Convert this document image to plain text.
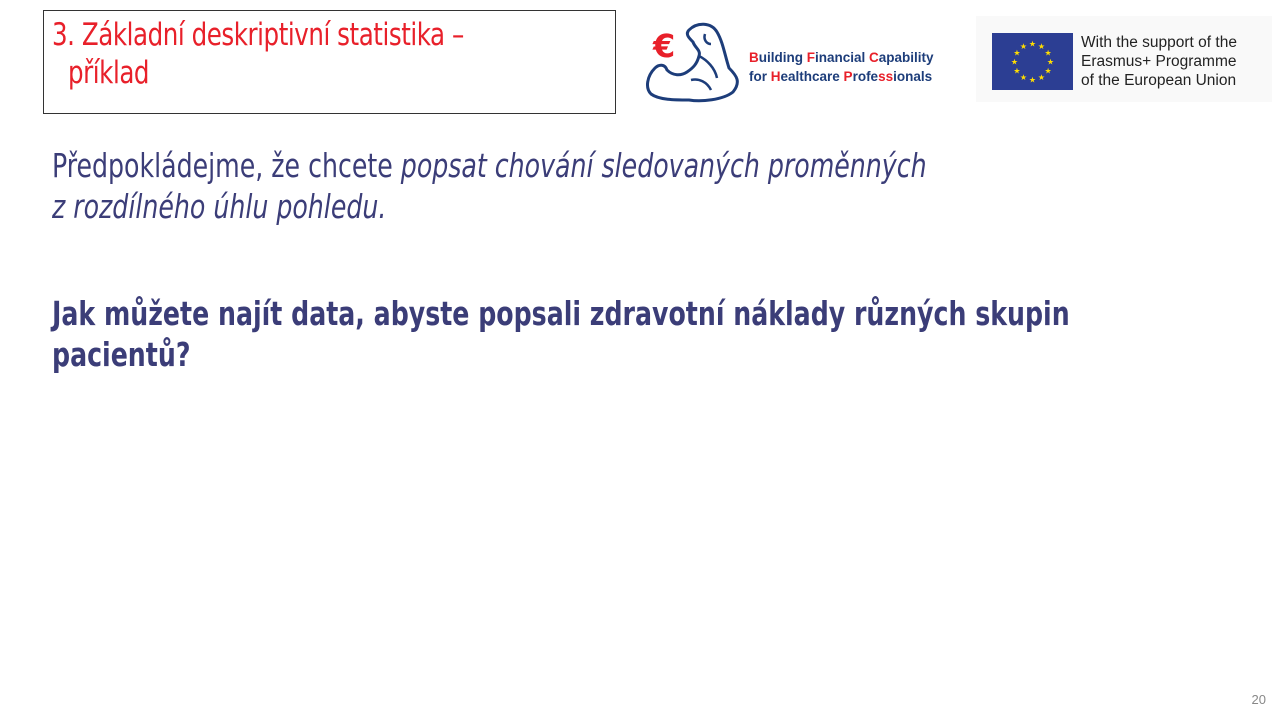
3. Základní deskriptivní statistika –
příklad
€	Building Financial Capability
for Healthcare Professionals
★ ★
★
★
★
★
★
★
★
★
★
★	With the support of the
Erasmus+ Programme
of the European Union
Předpokládejme, že chcete popsat chování sledovaných proměnných
z rozdílného úhlu pohledu.
Jak můžete najít data, abyste popsali zdravotní náklady různých skupin
pacientů?
20
